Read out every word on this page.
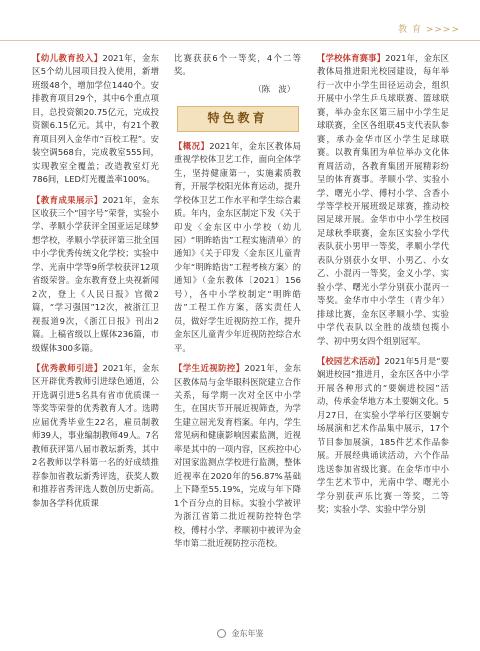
教 育 >>>>

【幼儿教育投入】2021年，金东区5个幼儿园项目投入使用，新增班级48个，增加学位1440个。安排教育项目29个，其中6个重点项目，总投资额20.75亿元，完成投资额6.15亿元。其中，有21个教育项目列入金华市“百校工程”。安装空调568台，完成教室555间，实现教室全覆盖；改造教室灯光786间，LED灯光覆盖率100%。

【教育成果展示】2021年，金东区收获三个“国字号”荣誉，实验小学、孝顺小学获评全国亚运足球梦想学校，孝顺小学获评第三批全国中小学优秀传统文化学校；实验中学、光南中学等9所学校获评12项省级荣誉。金东教育登上央视新闻2次，登上《人民日报》官微2篇，“学习强国”12次，被浙江卫视报道9次，《浙江日报》刊出2篇。上稿省级以上媒体236篇，市级媒体300多篇。

【优秀教师引进】2021年，金东区开辟优秀教师引进绿色通道，公开选调引进5名具有省市优质课一等奖等荣誉的优秀教育人才。选聘应届优秀毕业生22名，雇员制教师39人，事业编制教师49人。7名教师获评第八届市教坛新秀，其中2名教师以学科第一名的好成绩推荐参加省教坛新秀评选，获奖人数和推荐省秀评选人数创历史新高。参加各学科优质课

比赛获获6个一等奖，4个二等奖。

（陈　波）
特色教育

【概况】2021年，金东区教体局重视学校体卫艺工作，面向全体学生，坚持健康第一，实施素质教育，开展学校阳光体育运动，提升学校体卫艺工作水平和学生综合素质。年内，金东区制定下发《关于印发〈金东区中小学校（幼儿园）“明眸皓齿”工程实施清单〉的通知》《关于印发〈金东区儿童青少年“明眸皓齿”工程考核方案〉的通知》（金东教体〔2021〕156号），各中小学校制定“明眸皓齿”工程工作方案，落实责任人员，做好学生近视防控工作，提升金东区儿童青少年近视防控综合水平。

【学生近视防控】2021年，金东区教体局与金华眼科医院建立合作关系，每学期一次对全区中小学生，在国庆节开展近视筛查，为学生建立屈光发育档案。年内，学生常见病和健康影响因素监测，近视率是其中的一项内容，区疾控中心对国家监测点学校进行监测，整体近视率在2020年的56.87%基础上下降至55.19%，完成与年下降1个百分点的目标。实验小学被评为浙江省第二批近视防控特色学校，傅村小学、孝顺初中被评为金华市第二批近视防控示范校。

【学校体育赛事】2021年，金东区教体局推进阳光校园建设，每年举行一次中小学生田径运动会，组织开展中小学生乒乓球联赛、篮球联赛，举办金东区第三届中小学生足球联赛，全区各组联45支代表队参赛，承办金华市区小学生足球联赛。以教育集团为单位举办文化体育周活动，各教育集团开展精彩纷呈的体育赛事。孝顺小学、实验小学、曙光小学、傅村小学、含香小学等学校开展班级足球赛，推动校园足球开展。金华市中小学生校园足球秋季联赛，金东区实验小学代表队获小男甲一等奖，孝顺小学代表队分别获小女甲、小男乙、小女乙、小混丙一等奖，金义小学、实验小学、曙光小学分别获小混丙一等奖。金华市中小学生（青少年）排球比赛，金东区孝顺小学、实验中学代表队以全胜的战绩包揽小学、初中男女四个组别冠军。

【校园艺术活动】2021年5月是“要娴进校园”推进月，金东区各中小学开展各种形式的“要娴进校园”活动，传承金华地方本土要娴文化。5月27日，在实验小学举行区要娴专场展演和艺术作品集中展示，17个节目参加展演，185件艺术作品参展。开展经典诵读活动，六个作品选送参加省级比赛。在金华市中小学生艺术节中，光南中学、曙光小学分别获声乐比赛一等奖，二等奖；实验小学、实验中学分别

金东年鉴
